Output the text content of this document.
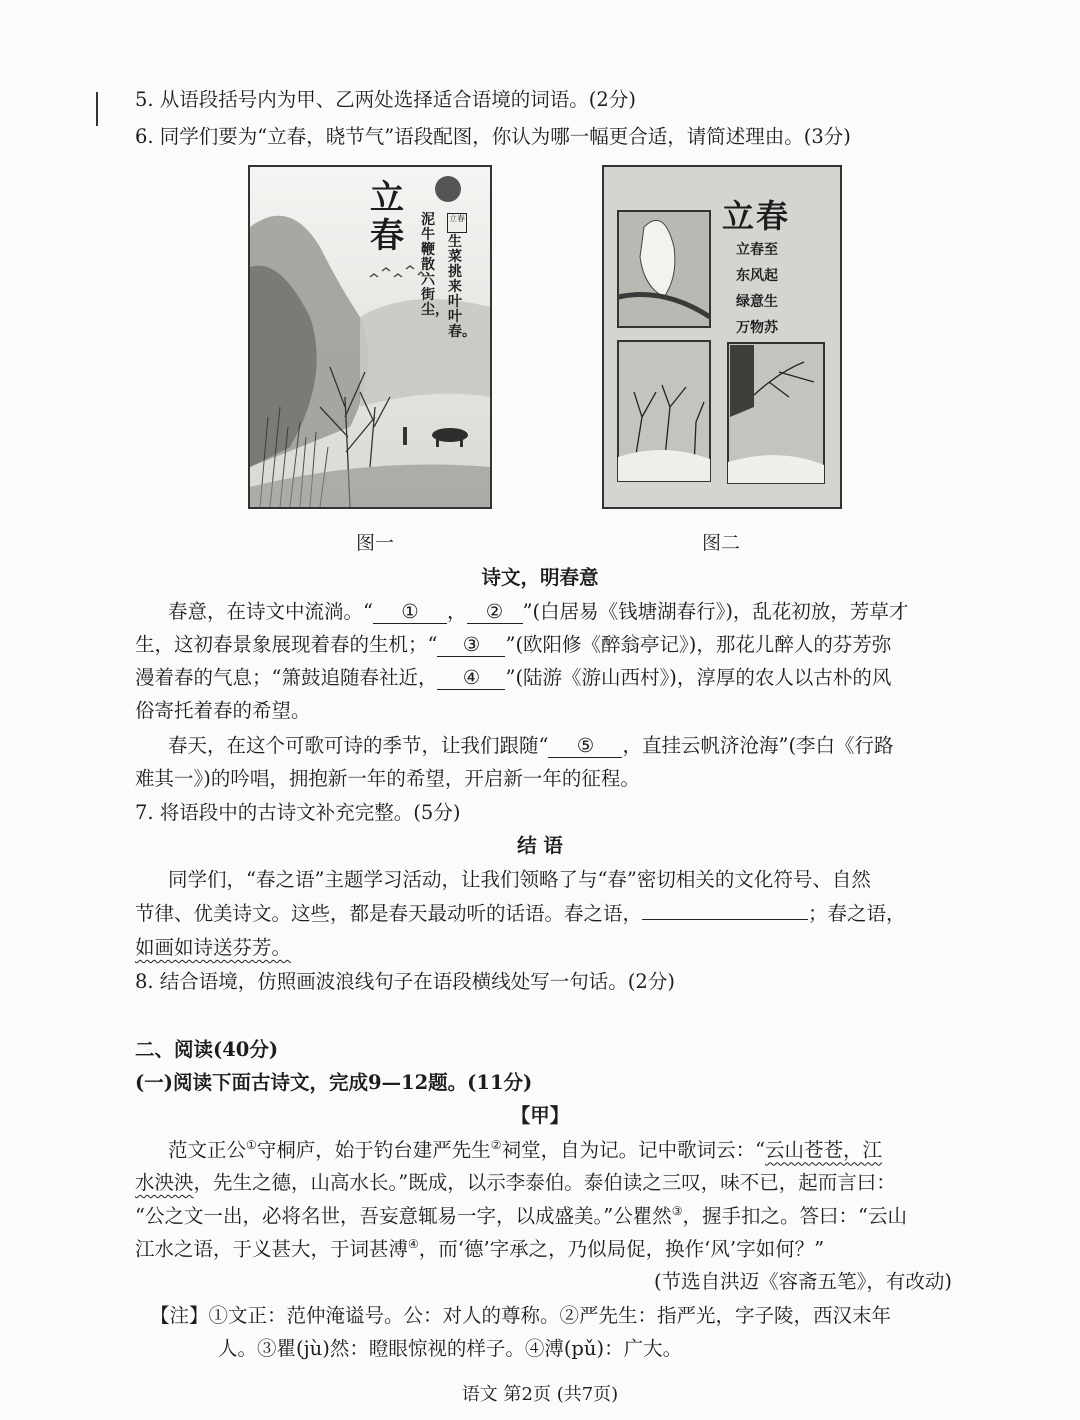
5. 从语段括号内为甲、乙两处选择适合语境的词语。(2分)
6. 同学们要为“立春，晓节气”语段配图，你认为哪一幅更合适，请简述理由。(3分)
立
春 泥牛鞭散六街尘，
立春
生菜挑来叶叶春。
图一
立春
立春至
东风起
绿意生
万物苏
图二
诗文，明春意
春意，在诗文中流淌。“ ① ， ② ”(白居易《钱塘湖春行》)，乱花初放，芳草才
生，这初春景象展现着春的生机；“ ③ ”(欧阳修《醉翁亭记》)，那花儿醉人的芬芳弥
漫着春的气息；“箫鼓追随春社近， ④ ”(陆游《游山西村》)，淳厚的农人以古朴的风
俗寄托着春的希望。
春天，在这个可歌可诗的季节，让我们跟随“ ⑤ ，直挂云帆济沧海”(李白《行路
难其一》)的吟唱，拥抱新一年的希望，开启新一年的征程。
7. 将语段中的古诗文补充完整。(5分)
结 语
同学们，“春之语”主题学习活动，让我们领略了与“春”密切相关的文化符号、自然
节律、优美诗文。这些，都是春天最动听的话语。春之语，	；春之语，
如画如诗送芬芳。
8. 结合语境，仿照画波浪线句子在语段横线处写一句话。(2分)
二、阅读(40分)
(一)阅读下面古诗文，完成9—12题。(11分)
【甲】
范文正公①守桐庐，始于钓台建严先生②祠堂，自为记。记中歌词云：“云山苍苍，江
水泱泱，先生之德，山高水长。”既成，以示李泰伯。泰伯读之三叹，味不已，起而言曰：
“公之文一出，必将名世，吾妄意辄易一字，以成盛美。”公瞿然③，握手扣之。答曰：“云山
江水之语，于义甚大，于词甚溥④，而‘德’字承之，乃似局促，换作‘风’字如何？”
(节选自洪迈《容斋五笔》，有改动)
【注】①文正：范仲淹谥号。公：对人的尊称。②严先生：指严光，字子陵，西汉末年
人。③瞿(jù)然：瞪眼惊视的样子。④溥(pǔ)：广大。
语文 第2页 (共7页)
